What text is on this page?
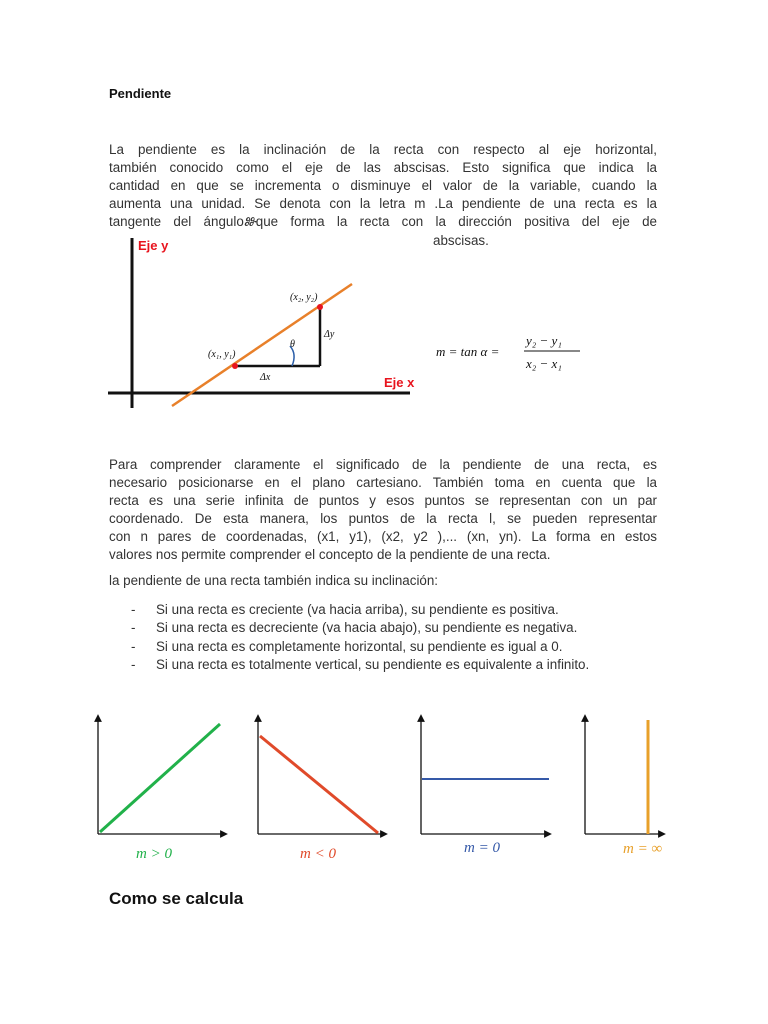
Pendiente
La pendiente es la inclinación de la recta con respecto al eje horizontal,
también conocido como el eje de las abscisas. Esto significa que indica la
cantidad en que se incrementa o disminuye el valor de la variable, cuando la
aumenta una unidad. Se denota con la letra m .La pendiente de una recta es la
tangente del ánguloⰖque forma la recta con la dirección positiva del eje de
abscisas.
Eje y
Eje x
(x₁, y₁)
(x₂, y₂)
Δy
Δx
θ	m = tan α =
y₂ − y₁
x₂ − x₁
Para comprender claramente el significado de la pendiente de una recta, es
necesario posicionarse en el plano cartesiano. También toma en cuenta que la
recta es una serie infinita de puntos y esos puntos se representan con un par
coordenado. De esta manera, los puntos de la recta l, se pueden representar
con n pares de coordenadas, (x1, y1), (x2, y2 ),... (xn, yn). La forma en estos
valores nos permite comprender el concepto de la pendiente de una recta.
la pendiente de una recta también indica su inclinación:
- Si una recta es creciente (va hacia arriba), su pendiente es positiva.
- Si una recta es decreciente (va hacia abajo), su pendiente es negativa.
- Si una recta es completamente horizontal, su pendiente es igual a 0.
- Si una recta es totalmente vertical, su pendiente es equivalente a infinito.
m > 0	m < 0	m = 0	m = ∞
Como se calcula
